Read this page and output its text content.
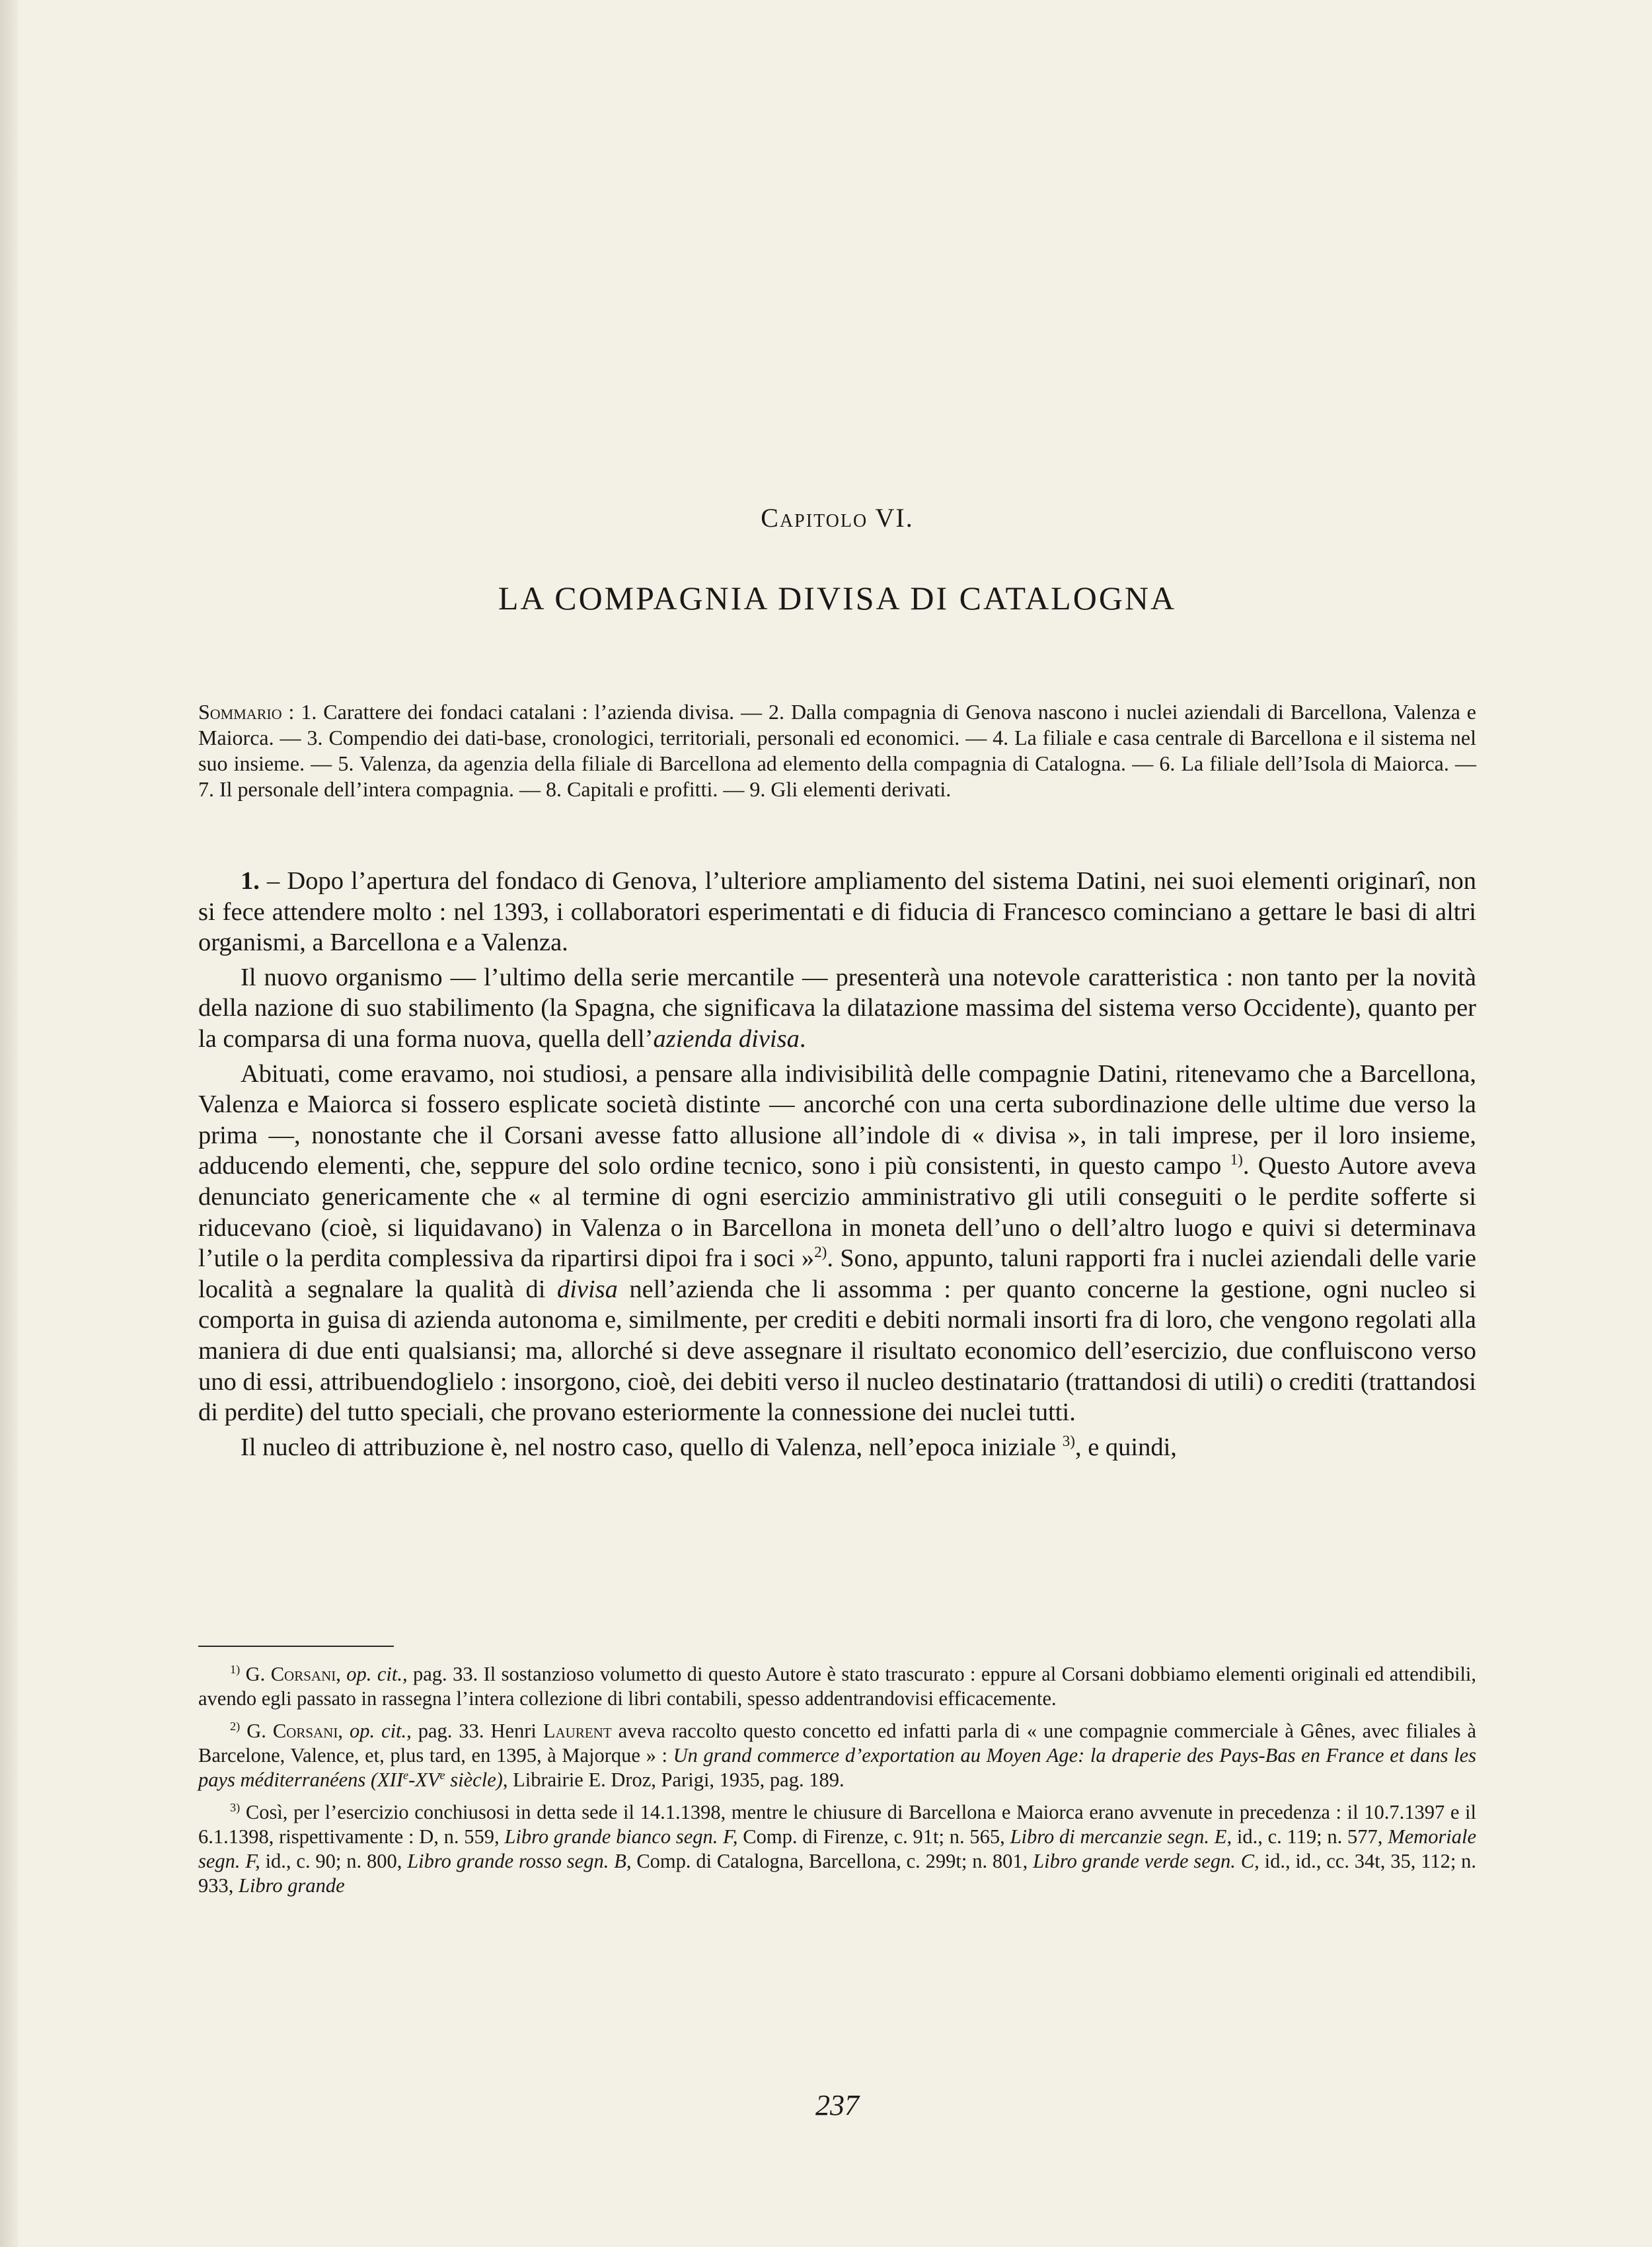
Capitolo VI.
LA COMPAGNIA DIVISA DI CATALOGNA
Sommario : 1. Carattere dei fondaci catalani : l’azienda divisa. — 2. Dalla compagnia di Genova nascono i nuclei aziendali di Barcellona, Valenza e Maiorca. — 3. Compendio dei dati-base, cronologici, territoriali, personali ed economici. — 4. La filiale e casa centrale di Barcellona e il sistema nel suo insieme. — 5. Valenza, da agenzia della filiale di Barcellona ad elemento della compagnia di Catalogna. — 6. La filiale dell’Isola di Maiorca. — 7. Il personale dell’intera compagnia. — 8. Capitali e profitti. — 9. Gli elementi derivati.

1. – Dopo l’apertura del fondaco di Genova, l’ulteriore ampliamento del sistema Datini, nei suoi elementi originarî, non si fece attendere molto : nel 1393, i collaboratori esperimentati e di fiducia di Francesco cominciano a gettare le basi di altri organismi, a Barcellona e a Valenza.

Il nuovo organismo — l’ultimo della serie mercantile — presenterà una notevole caratteristica : non tanto per la novità della nazione di suo stabilimento (la Spagna, che significava la dilatazione massima del sistema verso Occidente), quanto per la comparsa di una forma nuova, quella dell’azienda divisa.

Abituati, come eravamo, noi studiosi, a pensare alla indivisibilità delle compagnie Datini, ritenevamo che a Barcellona, Valenza e Maiorca si fossero esplicate società distinte — ancorché con una certa subordinazione delle ultime due verso la prima —, nonostante che il Corsani avesse fatto allusione all’indole di « divisa », in tali imprese, per il loro insieme, adducendo elementi, che, seppure del solo ordine tecnico, sono i più consistenti, in questo campo $^{1)}$. Questo Autore aveva denunciato genericamente che « al termine di ogni esercizio amministrativo gli utili conseguiti o le perdite sofferte si riducevano (cioè, si liquidavano) in Valenza o in Barcellona in moneta dell’uno o dell’altro luogo e quivi si determinava l’utile o la perdita complessiva da ripartirsi dipoi fra i soci »$^{2)}$. Sono, appunto, taluni rapporti fra i nuclei aziendali delle varie località a segnalare la qualità di divisa nell’azienda che li assomma : per quanto concerne la gestione, ogni nucleo si comporta in guisa di azienda autonoma e, similmente, per crediti e debiti normali insorti fra di loro, che vengono regolati alla maniera di due enti qualsiansi; ma, allorché si deve assegnare il risultato economico dell’esercizio, due confluiscono verso uno di essi, attribuendoglielo : insorgono, cioè, dei debiti verso il nucleo destinatario (trattandosi di utili) o crediti (trattandosi di perdite) del tutto speciali, che provano esteriormente la connessione dei nuclei tutti.

Il nucleo di attribuzione è, nel nostro caso, quello di Valenza, nell’epoca iniziale $^{3)}$, e quindi,

$^{1)}$ G. Corsani, op. cit., pag. 33. Il sostanzioso volumetto di questo Autore è stato trascurato : eppure al Corsani dobbiamo elementi originali ed attendibili, avendo egli passato in rassegna l’intera collezione di libri contabili, spesso addentrandovisi efficacemente.

$^{2)}$ G. Corsani, op. cit., pag. 33. Henri Laurent aveva raccolto questo concetto ed infatti parla di « une compagnie commerciale à Gênes, avec filiales à Barcelone, Valence, et, plus tard, en 1395, à Majorque » : Un grand commerce d’exportation au Moyen Age: la draperie des Pays-Bas en France et dans les pays méditerranéens (XIIe-XVe siècle), Librairie E. Droz, Parigi, 1935, pag. 189.

$^{3)}$ Così, per l’esercizio conchiusosi in detta sede il 14.1.1398, mentre le chiusure di Barcellona e Maiorca erano avvenute in precedenza : il 10.7.1397 e il 6.1.1398, rispettivamente : D, n. 559, Libro grande bianco segn. F, Comp. di Firenze, c. 91t; n. 565, Libro di mercanzie segn. E, id., c. 119; n. 577, Memoriale segn. F, id., c. 90; n. 800, Libro grande rosso segn. B, Comp. di Catalogna, Barcellona, c. 299t; n. 801, Libro grande verde segn. C, id., id., cc. 34t, 35, 112; n. 933, Libro grande

237
